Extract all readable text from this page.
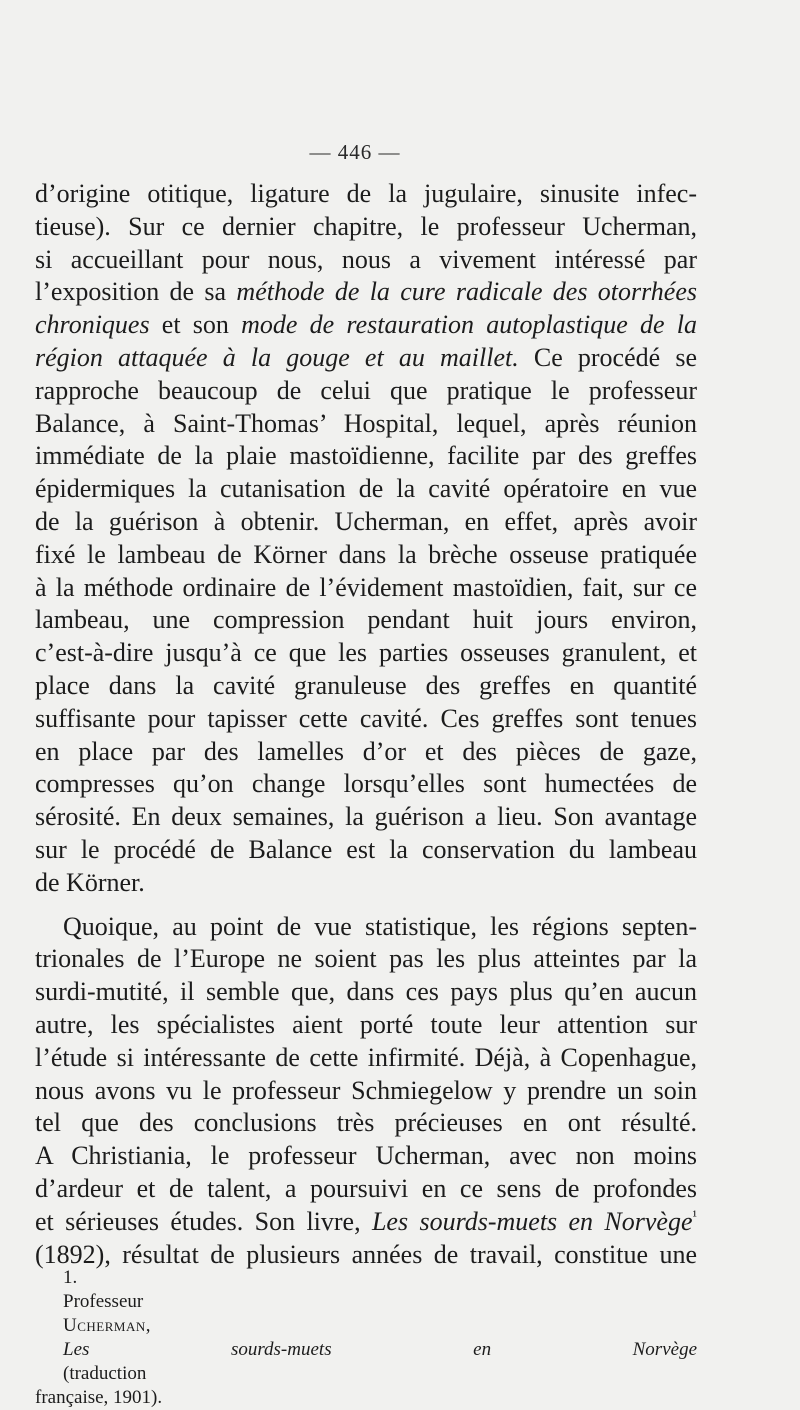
— 446 —

d’origine otitique, ligature de la jugulaire, sinusite infec-
tieuse). Sur ce dernier chapitre, le professeur Ucherman,
si accueillant pour nous, nous a vivement intéressé par
l’exposition de sa méthode de la cure radicale des otorrhées
chroniques et son mode de restauration autoplastique de la
région attaquée à la gouge et au maillet. Ce procédé se
rapproche beaucoup de celui que pratique le professeur
Balance, à Saint-Thomas’ Hospital, lequel, après réunion
immédiate de la plaie mastoïdienne, facilite par des greffes
épidermiques la cutanisation de la cavité opératoire en vue
de la guérison à obtenir. Ucherman, en effet, après avoir
fixé le lambeau de Körner dans la brèche osseuse pratiquée
à la méthode ordinaire de l’évidement mastoïdien, fait, sur ce
lambeau, une compression pendant huit jours environ,
c’est-à-dire jusqu’à ce que les parties osseuses granulent, et
place dans la cavité granuleuse des greffes en quantité
suffisante pour tapisser cette cavité. Ces greffes sont tenues
en place par des lamelles d’or et des pièces de gaze,
compresses qu’on change lorsqu’elles sont humectées de
sérosité. En deux semaines, la guérison a lieu. Son avantage
sur le procédé de Balance est la conservation du lambeau
de Körner.

Quoique, au point de vue statistique, les régions septen-
trionales de l’Europe ne soient pas les plus atteintes par la
surdi-mutité, il semble que, dans ces pays plus qu’en aucun
autre, les spécialistes aient porté toute leur attention sur
l’étude si intéressante de cette infirmité. Déjà, à Copenhague,
nous avons vu le professeur Schmiegelow y prendre un soin
tel que des conclusions très précieuses en ont résulté.
A Christiania, le professeur Ucherman, avec non moins
d’ardeur et de talent, a poursuivi en ce sens de profondes
et sérieuses études. Son livre, Les sourds-muets en Norvège$^{^1}$
(1892), résultat de plusieurs années de travail, constitue une

1.
Professeur
Ucherman,
Les sourds-muets en Norvège
(traduction
française, 1901).
